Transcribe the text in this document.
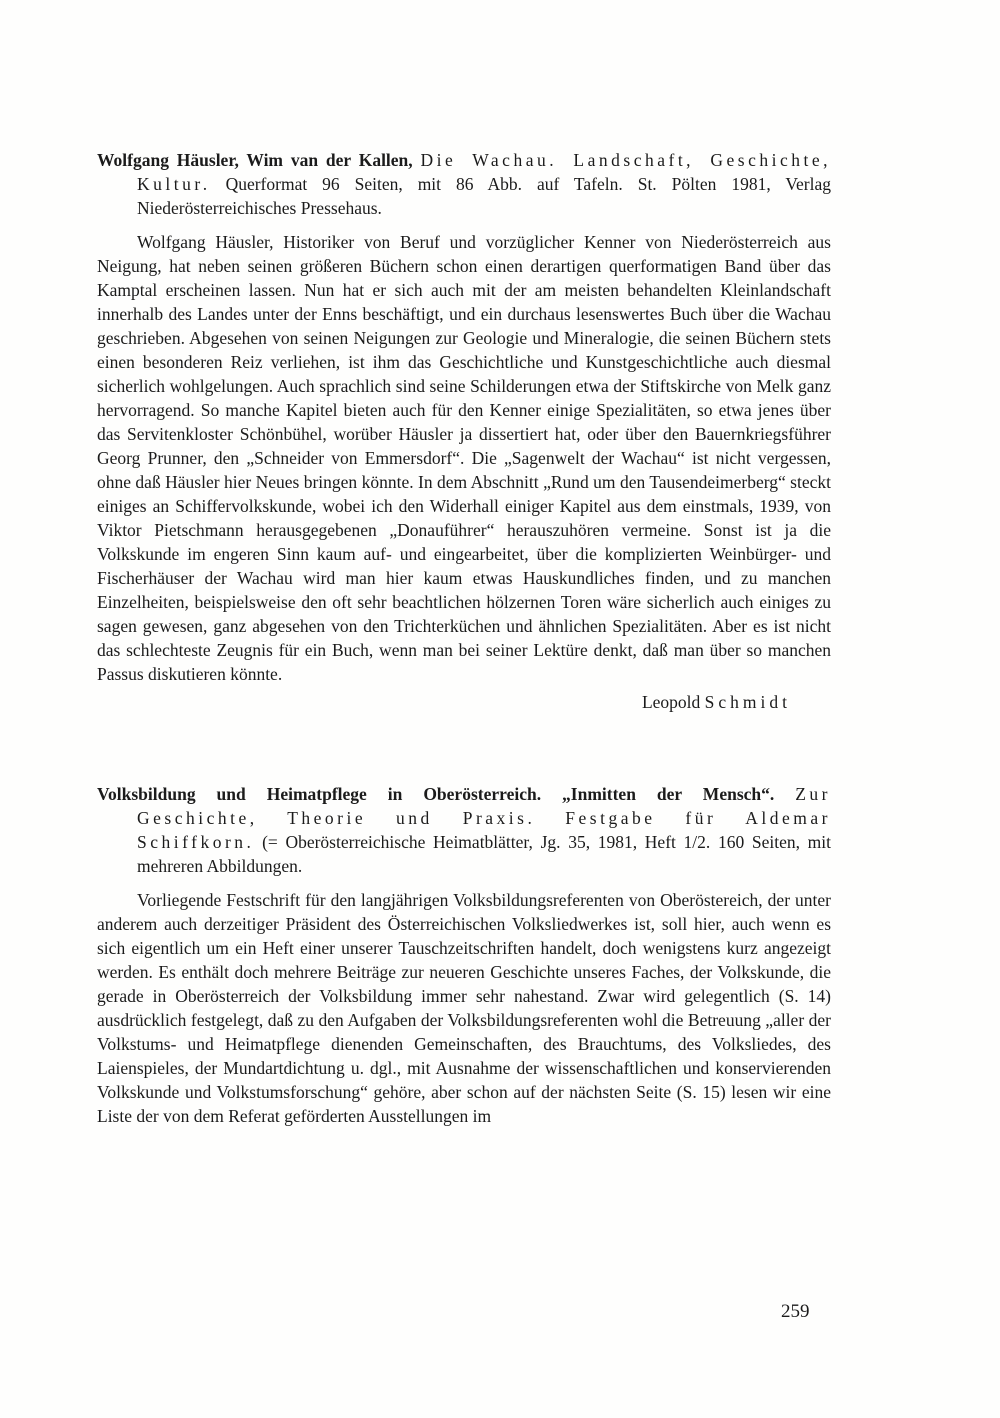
Wolfgang Häusler, Wim van der Kallen, Die Wachau. Landschaft, Geschichte, Kultur. Querformat 96 Seiten, mit 86 Abb. auf Tafeln. St. Pölten 1981, Verlag Niederösterreichisches Pressehaus.

Wolfgang Häusler, Historiker von Beruf und vorzüglicher Kenner von Niederösterreich aus Neigung, hat neben seinen größeren Büchern schon einen derartigen querformatigen Band über das Kamptal erscheinen lassen. Nun hat er sich auch mit der am meisten behandelten Kleinlandschaft innerhalb des Landes unter der Enns beschäftigt, und ein durchaus lesenswertes Buch über die Wachau geschrieben. Abgesehen von seinen Neigungen zur Geologie und Mineralogie, die seinen Büchern stets einen besonderen Reiz verliehen, ist ihm das Geschichtliche und Kunstgeschichtliche auch diesmal sicherlich wohlgelungen. Auch sprachlich sind seine Schilderungen etwa der Stiftskirche von Melk ganz hervorragend. So manche Kapitel bieten auch für den Kenner einige Spezialitäten, so etwa jenes über das Servitenkloster Schönbühel, worüber Häusler ja dissertiert hat, oder über den Bauernkriegsführer Georg Prunner, den „Schneider von Emmersdorf“. Die „Sagenwelt der Wachau“ ist nicht vergessen, ohne daß Häusler hier Neues bringen könnte. In dem Abschnitt „Rund um den Tausendeimerberg“ steckt einiges an Schiffervolkskunde, wobei ich den Widerhall einiger Kapitel aus dem einstmals, 1939, von Viktor Pietschmann herausgegebenen „Donauführer“ herauszuhören vermeine. Sonst ist ja die Volkskunde im engeren Sinn kaum auf- und eingearbeitet, über die komplizierten Weinbürger- und Fischerhäuser der Wachau wird man hier kaum etwas Hauskundliches finden, und zu manchen Einzelheiten, beispielsweise den oft sehr beachtlichen hölzernen Toren wäre sicherlich auch einiges zu sagen gewesen, ganz abgesehen von den Trichterküchen und ähnlichen Spezialitäten. Aber es ist nicht das schlechteste Zeugnis für ein Buch, wenn man bei seiner Lektüre denkt, daß man über so manchen Passus diskutieren könnte.

Leopold Schmidt

Volksbildung und Heimatpflege in Oberösterreich. „Inmitten der Mensch“. Zur Geschichte, Theorie und Praxis. Festgabe für Aldemar Schiffkorn. (= Oberösterreichische Heimatblätter, Jg. 35, 1981, Heft 1/2. 160 Seiten, mit mehreren Abbildungen.

Vorliegende Festschrift für den langjährigen Volksbildungsreferenten von Oberöstereich, der unter anderem auch derzeitiger Präsident des Österreichischen Volksliedwerkes ist, soll hier, auch wenn es sich eigentlich um ein Heft einer unserer Tauschzeitschriften handelt, doch wenigstens kurz angezeigt werden. Es enthält doch mehrere Beiträge zur neueren Geschichte unseres Faches, der Volkskunde, die gerade in Oberösterreich der Volksbildung immer sehr nahestand. Zwar wird gelegentlich (S. 14) ausdrücklich festgelegt, daß zu den Aufgaben der Volksbildungsreferenten wohl die Betreuung „aller der Volkstums- und Heimatpflege dienenden Gemeinschaften, des Brauchtums, des Volksliedes, des Laienspieles, der Mundartdichtung u. dgl., mit Ausnahme der wissenschaftlichen und konservierenden Volkskunde und Volkstumsforschung“ gehöre, aber schon auf der nächsten Seite (S. 15) lesen wir eine Liste der von dem Referat geförderten Ausstellungen im

259
